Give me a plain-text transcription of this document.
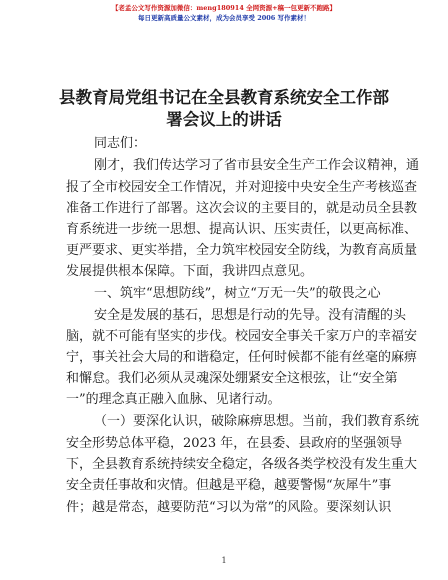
【老孟公文写作资源加微信：meng180914 全网资源+稿一包更新不跑路】
每日更新高质量公文素材，成为会员享受 2006 写作素材！
县教育局党组书记在全县教育系统安全工作部
署会议上的讲话
同志们：
刚才，我们传达学习了省市县安全生产工作会议精神，通
报了全市校园安全工作情况，并对迎接中央安全生产考核巡查
准备工作进行了部署。这次会议的主要目的，就是动员全县教
育系统进一步统一思想、提高认识、压实责任，以更高标准、
更严要求、更实举措，全力筑牢校园安全防线，为教育高质量
发展提供根本保障。下面，我讲四点意见。
一、筑牢“思想防线”，树立“万无一失”的敬畏之心
安全是发展的基石，思想是行动的先导。没有清醒的头
脑，就不可能有坚实的步伐。校园安全事关千家万户的幸福安
宁，事关社会大局的和谐稳定，任何时候都不能有丝毫的麻痹
和懈怠。我们必须从灵魂深处绷紧安全这根弦，让“安全第
一”的理念真正融入血脉、见诸行动。
（一）要深化认识，破除麻痹思想。当前，我们教育系统
安全形势总体平稳，2023 年，在县委、县政府的坚强领导
下，全县教育系统持续安全稳定，各级各类学校没有发生重大
1
安全责任事故和灾情。但越是平稳，越要警惕“灰犀牛”事
件；越是常态，越要防范“习以为常”的风险。要深刻认识
